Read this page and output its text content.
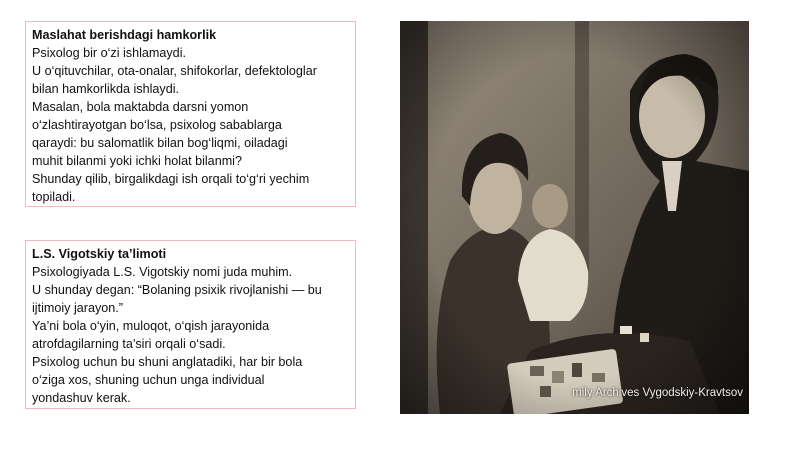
Maslahat berishdagi hamkorlik

Psixolog bir o‘zi ishlamaydi.

U o‘qituvchilar, ota-onalar, shifokorlar, defektologlar

bilan hamkorlikda ishlaydi.

Masalan, bola maktabda darsni yomon

o‘zlashtirayotgan bo‘lsa, psixolog sabablarga

qaraydi: bu salomatlik bilan bog‘liqmi, oiladagi

muhit bilanmi yoki ichki holat bilanmi?

Shunday qilib, birgalikdagi ish orqali to‘g‘ri yechim

topiladi.

L.S. Vigotskiy ta’limoti

Psixologiyada L.S. Vigotskiy nomi juda muhim.

U shunday degan: “Bolaning psixik rivojlanishi — bu

ijtimoiy jarayon.”

Ya’ni bola o‘yin, muloqot, o‘qish jarayonida

atrofdagilarning ta’siri orqali o‘sadi.

Psixolog uchun bu shuni anglatadiki, har bir bola

o‘ziga xos, shuning uchun unga individual

yondashuv kerak.	mily Archives Vygodskiy-Kravtsov
